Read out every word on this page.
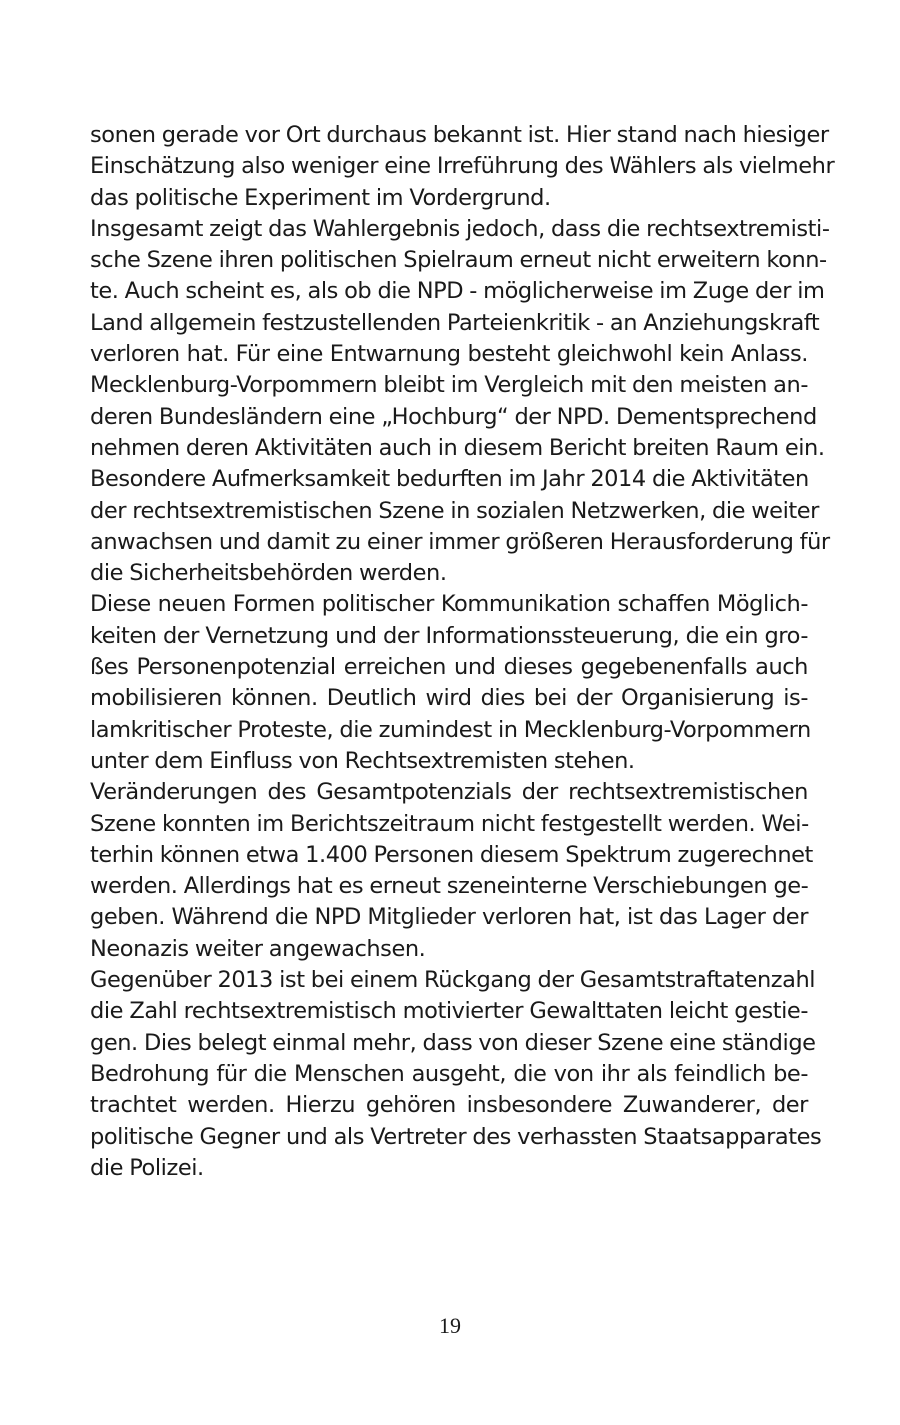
sonen gerade vor Ort durchaus bekannt ist. Hier stand nach hiesiger
Einschätzung also weniger eine Irreführung des Wählers als vielmehr
das politische Experiment im Vordergrund.
Insgesamt zeigt das Wahlergebnis jedoch, dass die rechtsextremisti-
sche Szene ihren politischen Spielraum erneut nicht erweitern konn-
te. Auch scheint es, als ob die NPD - möglicherweise im Zuge der im
Land allgemein festzustellenden Parteienkritik - an Anziehungskraft
verloren hat. Für eine Entwarnung besteht gleichwohl kein Anlass.
Mecklenburg-Vorpommern bleibt im Vergleich mit den meisten an-
deren Bundesländern eine „Hochburg“ der NPD. Dementsprechend
nehmen deren Aktivitäten auch in diesem Bericht breiten Raum ein.
Besondere Aufmerksamkeit bedurften im Jahr 2014 die Aktivitäten
der rechtsextremistischen Szene in sozialen Netzwerken, die weiter
anwachsen und damit zu einer immer größeren Herausforderung für
die Sicherheitsbehörden werden.
Diese neuen Formen politischer Kommunikation schaffen Möglich-
keiten der Vernetzung und der Informationssteuerung, die ein gro-
ßes Personenpotenzial erreichen und dieses gegebenenfalls auch
mobilisieren können. Deutlich wird dies bei der Organisierung is-
lamkritischer Proteste, die zumindest in Mecklenburg-Vorpommern
unter dem Einfluss von Rechtsextremisten stehen.
Veränderungen des Gesamtpotenzials der rechtsextremistischen
Szene konnten im Berichtszeitraum nicht festgestellt werden. Wei-
terhin können etwa 1.400 Personen diesem Spektrum zugerechnet
werden. Allerdings hat es erneut szeneinterne Verschiebungen ge-
geben. Während die NPD Mitglieder verloren hat, ist das Lager der
Neonazis weiter angewachsen.
Gegenüber 2013 ist bei einem Rückgang der Gesamtstraftatenzahl
die Zahl rechtsextremistisch motivierter Gewalttaten leicht gestie-
gen. Dies belegt einmal mehr, dass von dieser Szene eine ständige
Bedrohung für die Menschen ausgeht, die von ihr als feindlich be-
trachtet werden. Hierzu gehören insbesondere Zuwanderer, der
politische Gegner und als Vertreter des verhassten Staatsapparates
die Polizei.
19
